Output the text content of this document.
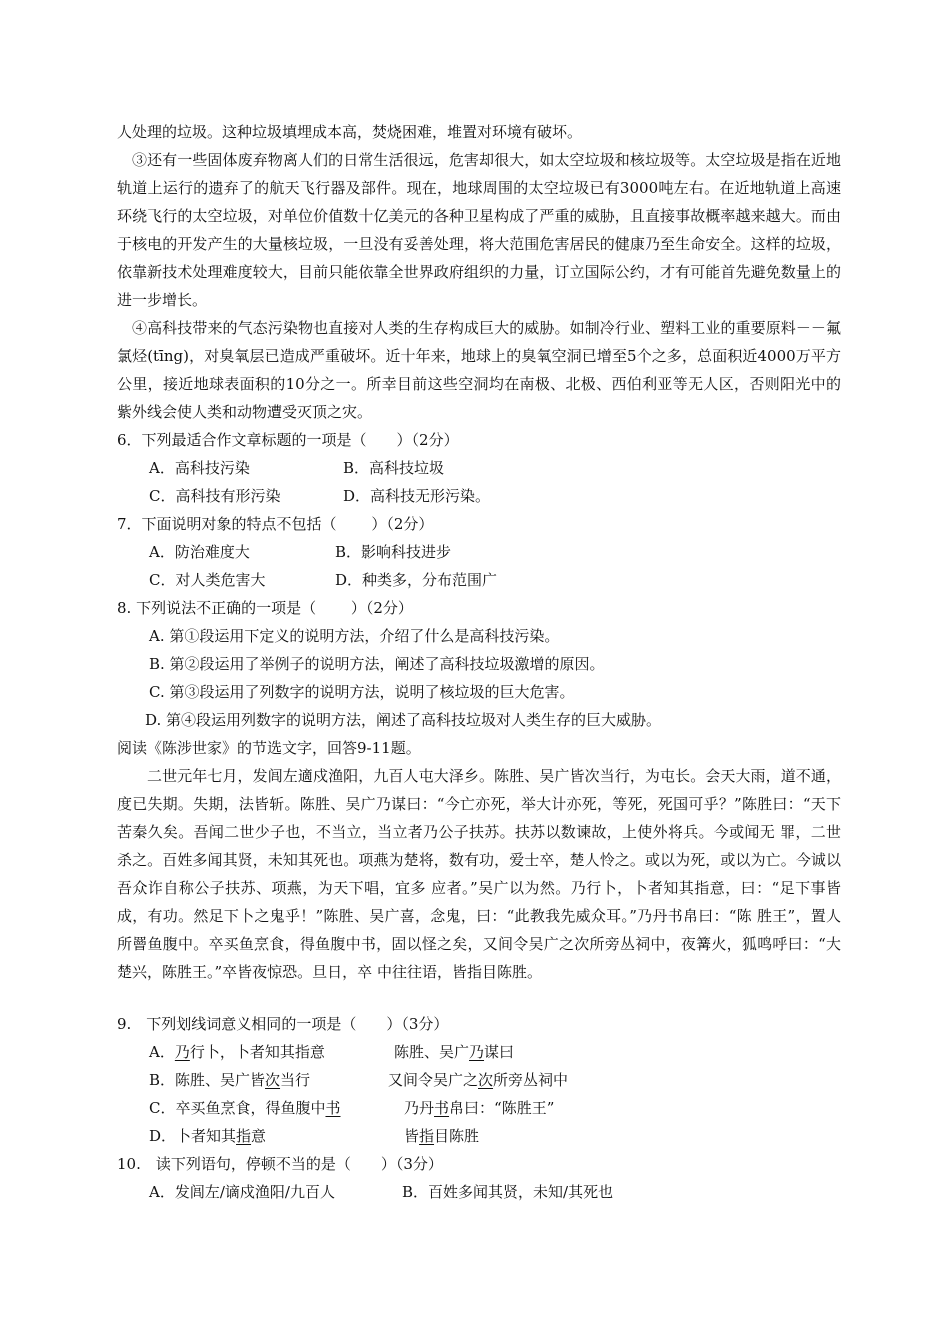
人处理的垃圾。这种垃圾填埋成本高，焚烧困难，堆置对环境有破坏。

③还有一些固体废弃物离人们的日常生活很远，危害却很大，如太空垃圾和核垃圾等。太空垃圾是指在近地轨道上运行的遗弃了的航天飞行器及部件。现在，地球周围的太空垃圾已有3000吨左右。在近地轨道上高速环绕飞行的太空垃圾，对单位价值数十亿美元的各种卫星构成了严重的威胁，且直接事故概率越来越大。而由于核电的开发产生的大量核垃圾，一旦没有妥善处理，将大范围危害居民的健康乃至生命安全。这样的垃圾，依靠新技术处理难度较大，目前只能依靠全世界政府组织的力量，订立国际公约，才有可能首先避免数量上的进一步增长。

④高科技带来的气态污染物也直接对人类的生存构成巨大的威胁。如制冷行业、塑料工业的重要原料－－氟氯烃(tīng)，对臭氧层已造成严重破坏。近十年来，地球上的臭氧空洞已增至5个之多，总面积近4000万平方公里，接近地球表面积的10分之一。所幸目前这些空洞均在南极、北极、西伯利亚等无人区，否则阳光中的紫外线会使人类和动物遭受灭顶之灾。

6．下列最适合作文章标题的一项是（　　）（2分）

A．高科技污染	B．高科技垃圾
C．高科技有形污染	D．高科技无形污染。

7．下面说明对象的特点不包括（　　 ）（2分）

A．防治难度大	B．影响科技进步
C．对人类危害大	D．种类多，分布范围广

8. 下列说法不正确的一项是（　　 ）（2分）

A. 第①段运用下定义的说明方法，介绍了什么是高科技污染。
B. 第②段运用了举例子的说明方法，阐述了高科技垃圾激增的原因。
C. 第③段运用了列数字的说明方法，说明了核垃圾的巨大危害。
D. 第④段运用列数字的说明方法，阐述了高科技垃圾对人类生存的巨大威胁。

阅读《陈涉世家》的节选文字，回答9-11题。

二世元年七月，发闾左適戍渔阳，九百人屯大泽乡。陈胜、吴广皆次当行，为屯长。会天大雨，道不通，度已失期。失期，法皆斩。陈胜、吴广乃谋曰：“今亡亦死，举大计亦死，等死，死国可乎？”陈胜曰：“天下苦秦久矣。吾闻二世少子也，不当立，当立者乃公子扶苏。扶苏以数谏故，上使外将兵。今或闻无 罪，二世杀之。百姓多闻其贤，未知其死也。项燕为楚将，数有功，爱士卒，楚人怜之。或以为死，或以为亡。今诚以吾众诈自称公子扶苏、项燕，为天下唱，宜多 应者。”吴广以为然。乃行卜，卜者知其指意，曰：“足下事皆成，有功。然足下卜之鬼乎！”陈胜、吴广喜，念鬼，曰：“此教我先威众耳。”乃丹书帛曰：“陈 胜王”，置人所罾鱼腹中。卒买鱼烹食，得鱼腹中书，固以怪之矣，又间令吴广之次所旁丛祠中，夜篝火，狐鸣呼曰：“大楚兴，陈胜王。”卒皆夜惊恐。旦日，卒 中往往语，皆指目陈胜。

9.　下列划线词意义相同的一项是（　　）（3分）

A．乃行卜，卜者知其指意	陈胜、吴广乃谋曰
B．陈胜、吴广皆次当行	又间令吴广之次所旁丛祠中
C．卒买鱼烹食，得鱼腹中书	乃丹书帛曰：“陈胜王”
D．卜者知其指意	皆指目陈胜

10.　读下列语句，停顿不当的是（　　）（3分）

A．发闾左/谪戍渔阳/九百人	B．百姓多闻其贤，未知/其死也
